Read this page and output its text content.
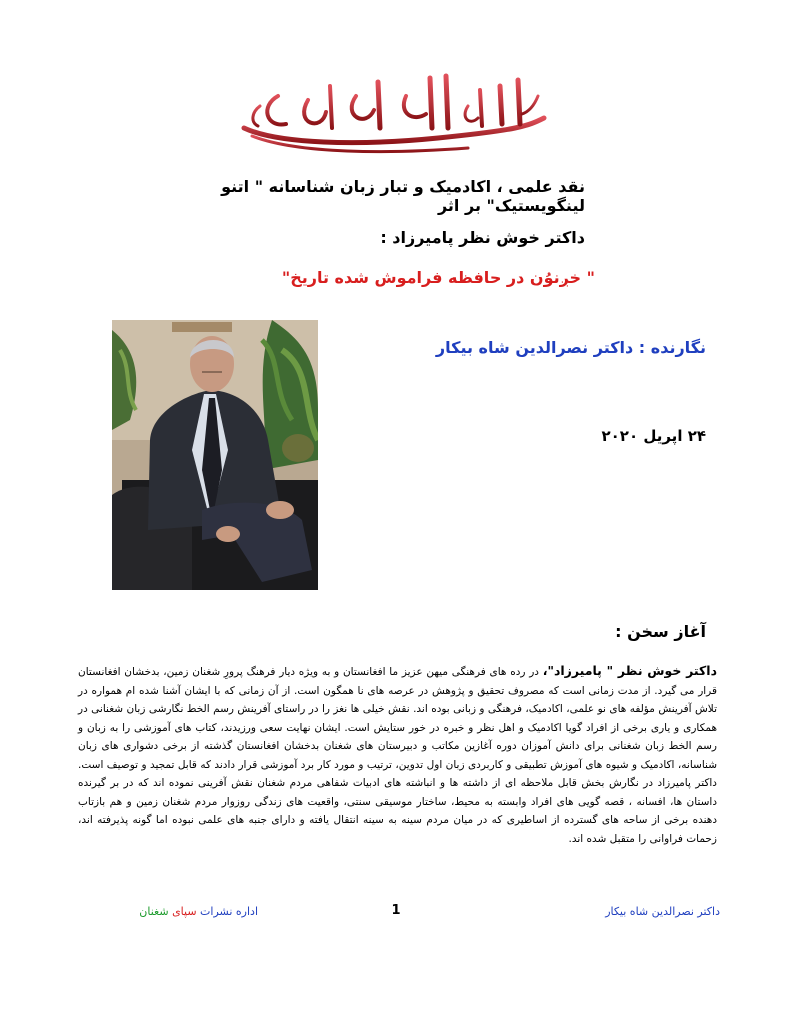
نقد علمی ، اکادمیک و تبار زبان شناسانه " اتنو لینگویستیک" بر اثر
داکتر خوش نظر پامیرزاد :
" خږنوُن در حافظه فراموش شده تاریخ"
نگارنده : داکتر نصرالدین شاه بیکار
۲۴ اپریل ۲۰۲۰
آغاز سخن :
داکتر خوش نظر " پامیرزاد"، در رده های فرهنگی میهن عزیز ما افغانستان و به ویژه دیار فرهنگ پرورِ شغنان زمین، بدخشان افغانستان قرار می گیرد. از مدت زمانی است که مصروف تحقیق و پژوهش در عرصه های نا همگون است. از آن زمانی که با ایشان آشنا شده ام همواره در تلاش آفرینش مؤلفه های نو علمی، اکادمیک، فرهنگی و زبانی بوده اند. نقش خیلی ها نغز را در راستای آفرینش رسم الخط نگارشی زبان شغنانی در همکاری و یاری برخی از افراد گویا اکادمیک و اهل نظر و خبره در خور ستایش است. ایشان نهایت سعی ورزیدند، کتاب های آموزشی را به زبان و رسم الخط زبان شغنانی برای دانش آموزان دوره آغازین مکاتب و دبیرستان های شغنان بدخشان افغانستان گذشته از برخی دشواری های زبان شناسانه، اکادمیک و شیوه های آموزش تطبیقی و کاربردی زبان اول تدوین، ترتیب و مورد کار برد آموزشی قرار دادند که قابل تمجید و توصیف است. داکتر پامیرزاد در نگارش بخش قابل ملاحظه ای از داشته ها و انباشته های ادبیات شفاهی مردم شغنان نقش آفرینی نموده اند که در بر گیرنده داستان ها، افسانه ، قصه گویی های افراد وابسته به محیط، ساختار موسیقی سنتی، واقعیت های زندگی روزوار مردم شغنان زمین و هم بازتاب دهنده برخی از ساحه های گسترده از اساطیری که در میان مردم سینه به سینه انتقال یافته و دارای جنبه های علمی نبوده اما گونه پذیرفته اند، زحمات فراوانی را متقبل شده اند.
داکتر نصرالدین شاه بیکار
1
اداره نشرات سپای شغنان
